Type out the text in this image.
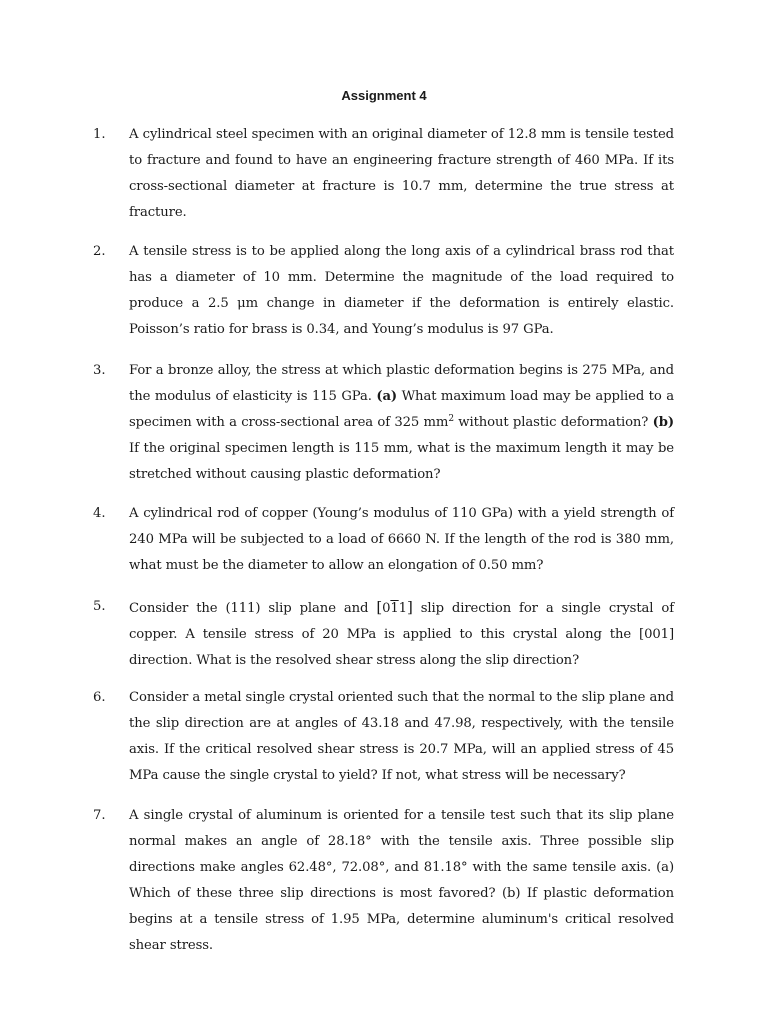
Assignment 4
1. A cylindrical steel specimen with an original diameter of 12.8 mm is tensile tested to fracture and found to have an engineering fracture strength of 460 MPa. If its cross-sectional diameter at fracture is 10.7 mm, determine the true stress at fracture.
2. A tensile stress is to be applied along the long axis of a cylindrical brass rod that has a diameter of 10 mm. Determine the magnitude of the load required to produce a 2.5 μm change in diameter if the deformation is entirely elastic. Poisson’s ratio for brass is 0.34, and Young’s modulus is 97 GPa.
3. For a bronze alloy, the stress at which plastic deformation begins is 275 MPa, and the modulus of elasticity is 115 GPa. (a) What maximum load may be applied to a specimen with a cross-sectional area of 325 $mm^2$ without plastic deformation? (b) If the original specimen length is 115 mm, what is the maximum length it may be stretched without causing plastic deformation?
4. A cylindrical rod of copper (Young’s modulus of 110 GPa) with a yield strength of 240 MPa will be subjected to a load of 6660 N. If the length of the rod is 380 mm, what must be the diameter to allow an elongation of 0.50 mm?
5. Consider the (111) slip plane and [011] slip direction for a single crystal of copper. A tensile stress of 20 MPa is applied to this crystal along the [001] direction. What is the resolved shear stress along the slip direction?
6. Consider a metal single crystal oriented such that the normal to the slip plane and the slip direction are at angles of 43.18 and 47.98, respectively, with the tensile axis. If the critical resolved shear stress is 20.7 MPa, will an applied stress of 45 MPa cause the single crystal to yield? If not, what stress will be necessary?
7. A single crystal of aluminum is oriented for a tensile test such that its slip plane normal makes an angle of 28.18° with the tensile axis. Three possible slip directions make angles 62.48°, 72.08°, and 81.18° with the same tensile axis. (a) Which of these three slip directions is most favored? (b) If plastic deformation begins at a tensile stress of 1.95 MPa, determine aluminum's critical resolved shear stress.
